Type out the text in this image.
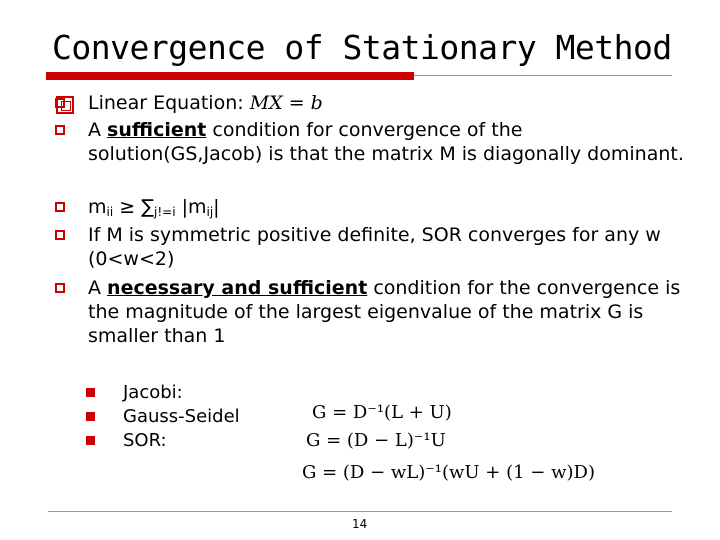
Convergence of Stationary Method
Linear Equation: MX = b
A sufficient condition for convergence of the solution(GS,Jacob) is that the matrix M is diagonally dominant.
$m_{ii} \ge \sum_{j!=i}$ $|m_{ij}|$
If M is symmetric positive definite, SOR converges for any w (0<w<2)
A necessary and sufficient condition for the convergence is the magnitude of the largest eigenvalue of the matrix G is smaller than 1
Jacobi:
Gauss-Seidel
SOR:
G = D⁻¹(L + U)
G = (D − L)⁻¹U
G = (D − wL)⁻¹(wU + (1 − w)D)
14
